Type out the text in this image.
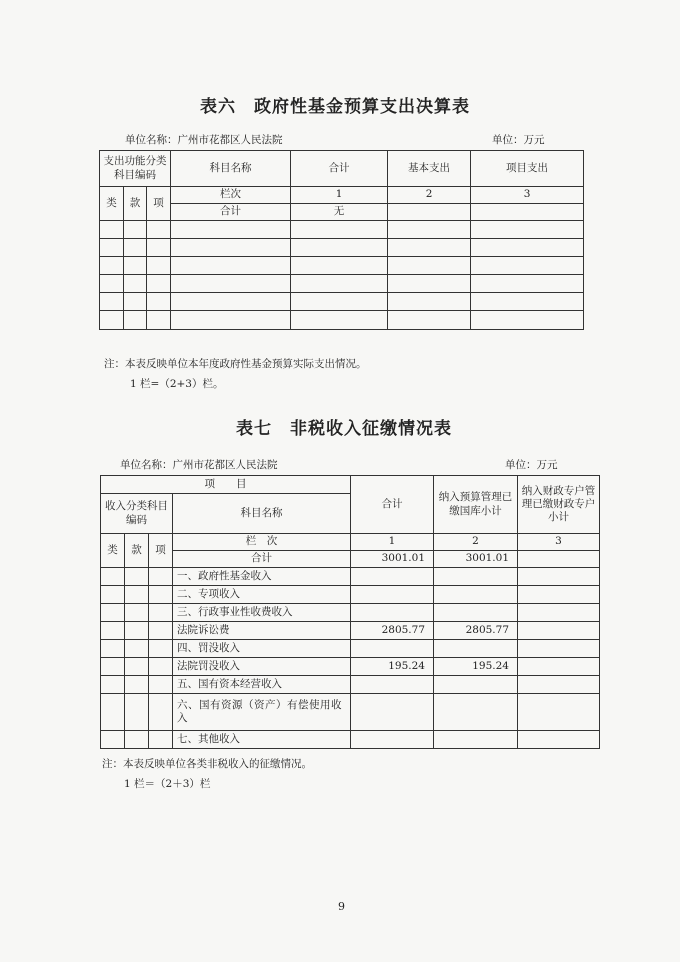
表六　政府性基金预算支出决算表
单位名称：广州市花都区人民法院	单位：万元
支出功能分类科目编码			科目名称	合计	基本支出	项目支出

类	款	项	栏次	1	2	3
			合计	无		

注：本表反映单位本年度政府性基金预算实际支出情况。
1 栏=（2+3）栏。
表七　非税收入征缴情况表
单位名称：广州市花都区人民法院	单位：万元
项　　目				合计	纳入预算管理已缴国库小计	纳入财政专户管理已缴财政专户小计
收入分类科目编码			科目名称			

类	款	项	栏　次	1	2	3
			合计	3001.01	3001.01	
			一、政府性基金收入			
			二、专项收入			
			三、行政事业性收费收入			
			法院诉讼费	2805.77	2805.77	
			四、罚没收入			
			法院罚没收入	195.24	195.24	
			五、国有资本经营收入			
			六、国有资源（资产）有偿使用收入			
			七、其他收入			
注：本表反映单位各类非税收入的征缴情况。
1 栏＝（2＋3）栏
9
